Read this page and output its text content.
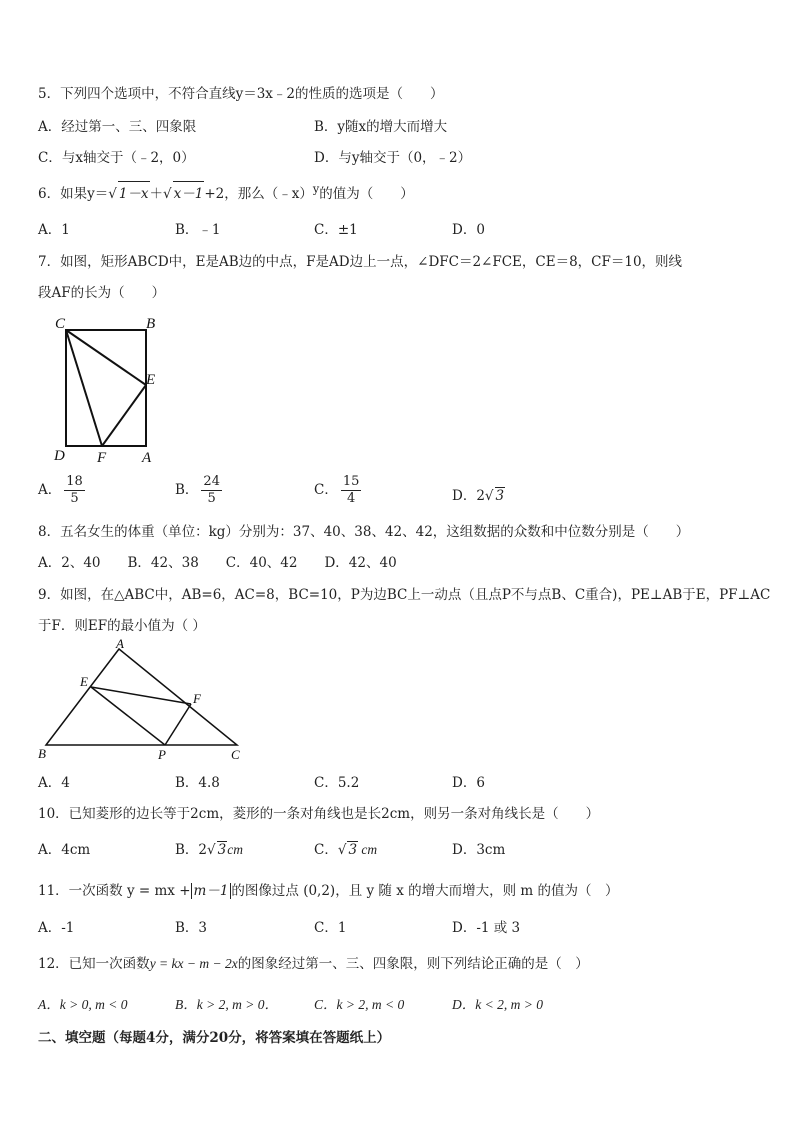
5．下列四个选项中，不符合直线y＝3x﹣2的性质的选项是（　　）
A．经过第一、三、四象限	B．y随x的增大而增大
C．与x轴交于（﹣2，0）	D．与y轴交于（0，﹣2）
6．如果y＝√ 1－x＋√ x－1+2，那么（﹣x）$^y$的值为（　　）
A．1	B．﹣1	C．±1	D．0
7．如图，矩形ABCD中，E是AB边的中点，F是AD边上一点，∠DFC＝2∠FCE，CE＝8，CF＝10，则线
段AF的长为（　　）
C	B
E
D F A
A． $\frac{18}{5}$	B． $\frac{24}{5}$	C． $\frac{15}{4}$	D．2√ 3
8．五名女生的体重（单位：kg）分别为：37、40、38、42、42，这组数据的众数和中位数分别是（　　）
A．2、40　　B．42、38　　C．40、42　　D．42、40
9．如图，在△ABC中，AB=6，AC=8，BC=10，P为边BC上一动点（且点P不与点B、C重合)，PE⊥AB于E，PF⊥AC
于F．则EF的最小值为（ ）
A
E
F
B	P	C
A．4	B．4.8	C．5.2	D．6
10．已知菱形的边长等于2cm，菱形的一条对角线也是长2cm，则另一条对角线长是（　　）
A．4cm	B．2√ 3cm	C．√ 3 cm	D．3cm
11．一次函数 y = mx + m－1 的图像过点 (0,2)，且 y 随 x 的增大而增大，则 m 的值为（　）
A．-1	B．3	C．1	D．-1 或 3
12．已知一次函数y = kx − m − 2x的图象经过第一、三、四象限，则下列结论正确的是（　）
A．k > 0, m < 0	B．k > 2, m > 0．	C．k > 2, m < 0	D．k < 2, m > 0
二、填空题（每题4分，满分20分，将答案填在答题纸上）
